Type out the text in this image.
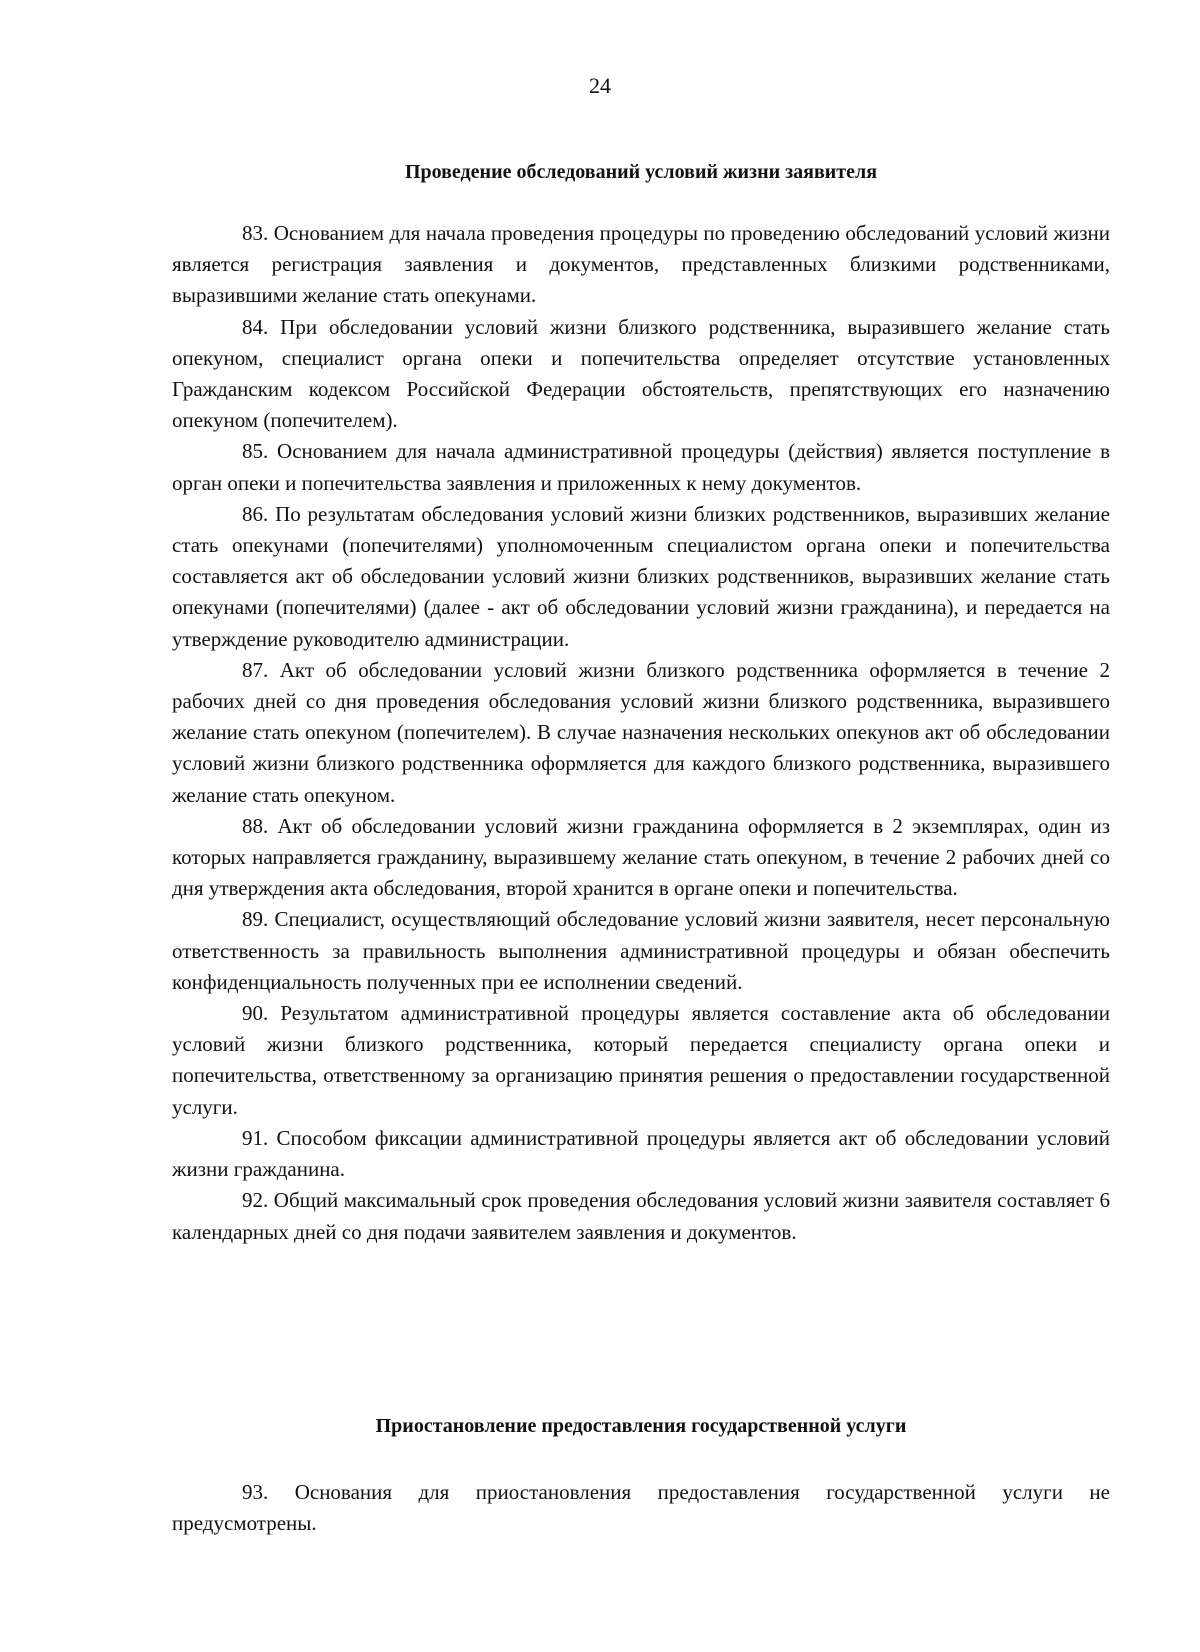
24

Проведение обследований условий жизни заявителя

83. Основанием для начала проведения процедуры по проведению обследований условий жизни является регистрация заявления и документов, представленных близкими родственниками, выразившими желание стать опекунами.

84. При обследовании условий жизни близкого родственника, выразившего желание стать опекуном, специалист органа опеки и попечительства определяет отсутствие установленных Гражданским кодексом Российской Федерации обстоятельств, препятствующих его назначению опекуном (попечителем).

85. Основанием для начала административной процедуры (действия) является поступление в орган опеки и попечительства заявления и приложенных к нему документов.

86. По результатам обследования условий жизни близких родственников, выразивших желание стать опекунами (попечителями) уполномоченным специалистом органа опеки и попечительства составляется акт об обследовании условий жизни близких родственников, выразивших желание стать опекунами (попечителями) (далее - акт об обследовании условий жизни гражданина), и передается на утверждение руководителю администрации.

87. Акт об обследовании условий жизни близкого родственника оформляется в течение 2 рабочих дней со дня проведения обследования условий жизни близкого родственника, выразившего желание стать опекуном (попечителем). В случае назначения нескольких опекунов акт об обследовании условий жизни близкого родственника оформляется для каждого близкого родственника, выразившего желание стать опекуном.

88. Акт об обследовании условий жизни гражданина оформляется в 2 экземплярах, один из которых направляется гражданину, выразившему желание стать опекуном, в течение 2 рабочих дней со дня утверждения акта обследования, второй хранится в органе опеки и попечительства.

89. Специалист, осуществляющий обследование условий жизни заявителя, несет персональную ответственность за правильность выполнения административной процедуры и обязан обеспечить конфиденциальность полученных при ее исполнении сведений.

90. Результатом административной процедуры является составление акта об обследовании условий жизни близкого родственника, который передается специалисту органа опеки и попечительства, ответственному за организацию принятия решения о предоставлении государственной услуги.

91. Способом фиксации административной процедуры является акт об обследовании условий жизни гражданина.

92. Общий максимальный срок проведения обследования условий жизни заявителя составляет 6 календарных дней со дня подачи заявителем заявления и документов.

Приостановление предоставления государственной услуги

93. Основания для приостановления предоставления государственной услуги не предусмотрены.
